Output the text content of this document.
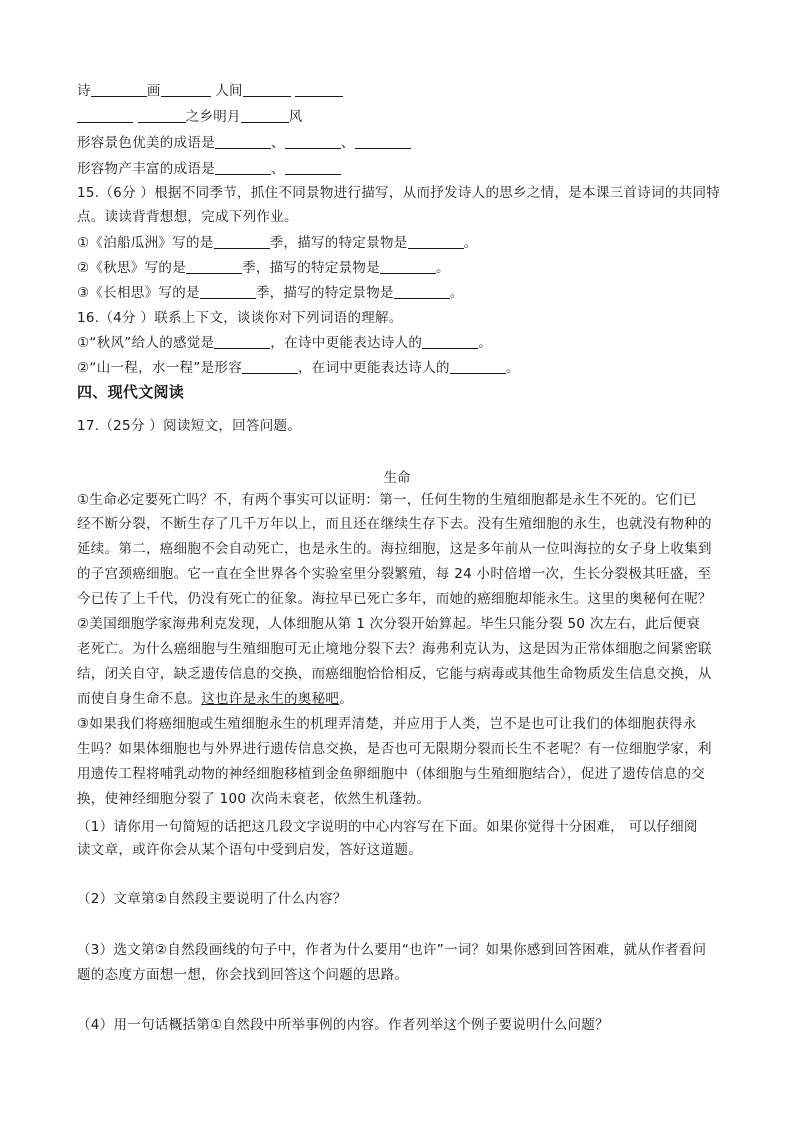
诗	画	人间
之乡明月	风
形容景色优美的成语是	、	、
形容物产丰富的成语是	、
15.（6分 ）根据不同季节，抓住不同景物进行描写，从而抒发诗人的思乡之情，是本课三首诗词的共同特
点。读读背背想想，完成下列作业。
①《泊船瓜洲》写的是	季，描写的特定景物是	。
②《秋思》写的是	季，描写的特定景物是	。
③《长相思》写的是	季，描写的特定景物是	。
16.（4分 ）联系上下文，谈谈你对下列词语的理解。
①“秋风”给人的感觉是	，在诗中更能表达诗人的	。
②“山一程，水一程”是形容	，在词中更能表达诗人的	。
四、现代文阅读
17.（25分 ）阅读短文，回答问题。
生命
①生命必定要死亡吗？不，有两个事实可以证明：第一，任何生物的生殖细胞都是永生不死的。它们已
经不断分裂，不断生存了几千万年以上，而且还在继续生存下去。没有生殖细胞的永生，也就没有物种的
延续。第二，癌细胞不会自动死亡，也是永生的。海拉细胞，这是多年前从一位叫海拉的女子身上收集到
的子宫颈癌细胞。它一直在全世界各个实验室里分裂繁殖，每 24 小时倍增一次，生长分裂极其旺盛，至
今已传了上千代，仍没有死亡的征象。海拉早已死亡多年，而她的癌细胞却能永生。这里的奥秘何在呢？
②美国细胞学家海弗利克发现，人体细胞从第 1 次分裂开始算起。毕生只能分裂 50 次左右，此后便衰
老死亡。为什么癌细胞与生殖细胞可无止境地分裂下去？海弗利克认为，这是因为正常体细胞之间紧密联
结，闭关自守，缺乏遗传信息的交换，而癌细胞恰恰相反，它能与病毒或其他生命物质发生信息交换，从
而使自身生命不息。这也许是永生的奥秘吧。
③如果我们将癌细胞或生殖细胞永生的机理弄清楚，并应用于人类，岂不是也可让我们的体细胞获得永
生吗？如果体细胞也与外界进行遗传信息交换，是否也可无限期分裂而长生不老呢？有一位细胞学家，利
用遗传工程将哺乳动物的神经细胞移植到金鱼卵细胞中（体细胞与生殖细胞结合），促进了遗传信息的交
换，使神经细胞分裂了 100 次尚未衰老，依然生机蓬勃。
（1）请你用一句简短的话把这几段文字说明的中心内容写在下面。如果你觉得十分困难， 可以仔细阅
读文章，或许你会从某个语句中受到启发，答好这道题。
（2）文章第②自然段主要说明了什么内容？
（3）选文第②自然段画线的句子中，作者为什么要用“也许”一词？如果你感到回答困难，就从作者看问
题的态度方面想一想，你会找到回答这个问题的思路。
（4）用一句话概括第①自然段中所举事例的内容。作者列举这个例子要说明什么问题？
